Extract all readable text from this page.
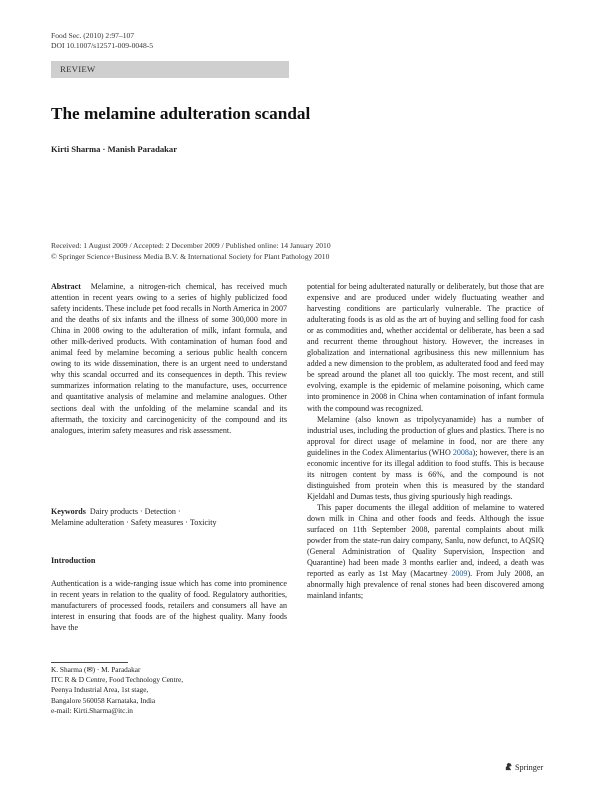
Food Sec. (2010) 2:97–107
DOI 10.1007/s12571-009-0048-5
REVIEW
The melamine adulteration scandal
Kirti Sharma · Manish Paradakar
Received: 1 August 2009 / Accepted: 2 December 2009 / Published online: 14 January 2010
© Springer Science+Business Media B.V. & International Society for Plant Pathology 2010

Abstract Melamine, a nitrogen-rich chemical, has received much attention in recent years owing to a series of highly publicized food safety incidents. These include pet food recalls in North America in 2007 and the deaths of six infants and the illness of some 300,000 more in China in 2008 owing to the adulteration of milk, infant formula, and other milk-derived products. With contamination of human food and animal feed by melamine becoming a serious public health concern owing to its wide dissemination, there is an urgent need to understand why this scandal occurred and its consequences in depth. This review summarizes information relating to the manufacture, uses, occurrence and quantitative analysis of melamine and melamine analogues. Other sections deal with the unfolding of the melamine scandal and its aftermath, the toxicity and carcinogenicity of the compound and its analogues, interim safety measures and risk assessment.

Keywords Dairy products · Detection ·
Melamine adulteration · Safety measures · Toxicity
Introduction

Authentication is a wide-ranging issue which has come into prominence in recent years in relation to the quality of food. Regulatory authorities, manufacturers of processed foods, retailers and consumers all have an interest in ensuring that foods are of the highest quality. Many foods have the

K. Sharma (✉) · M. Paradakar
ITC R & D Centre, Food Technology Centre,
Peenya Industrial Area, 1st stage,
Bangalore 560058 Karnataka, India
e-mail: Kirti.Sharma@itc.in

potential for being adulterated naturally or deliberately, but those that are expensive and are produced under widely fluctuating weather and harvesting conditions are particularly vulnerable. The practice of adulterating foods is as old as the art of buying and selling food for cash or as commodities and, whether accidental or deliberate, has been a sad and recurrent theme throughout history. However, the increases in globalization and international agribusiness this new millennium has added a new dimension to the problem, as adulterated food and feed may be spread around the planet all too quickly. The most recent, and still evolving, example is the epidemic of melamine poisoning, which came into prominence in 2008 in China when contamination of infant formula with the compound was recognized.

Melamine (also known as tripolycyanamide) has a number of industrial uses, including the production of glues and plastics. There is no approval for direct usage of melamine in food, nor are there any guidelines in the Codex Alimentarius (WHO 2008a); however, there is an economic incentive for its illegal addition to food stuffs. This is because its nitrogen content by mass is 66%, and the compound is not distinguished from protein when this is measured by the standard Kjeldahl and Dumas tests, thus giving spuriously high readings.

This paper documents the illegal addition of melamine to watered down milk in China and other foods and feeds. Although the issue surfaced on 11th September 2008, parental complaints about milk powder from the state-run dairy company, Sanlu, now defunct, to AQSIQ (General Administration of Quality Supervision, Inspection and Quarantine) had been made 3 months earlier and, indeed, a death was reported as early as 1st May (Macartney 2009). From July 2008, an abnormally high prevalence of renal stones had been discovered among mainland infants;

Springer
